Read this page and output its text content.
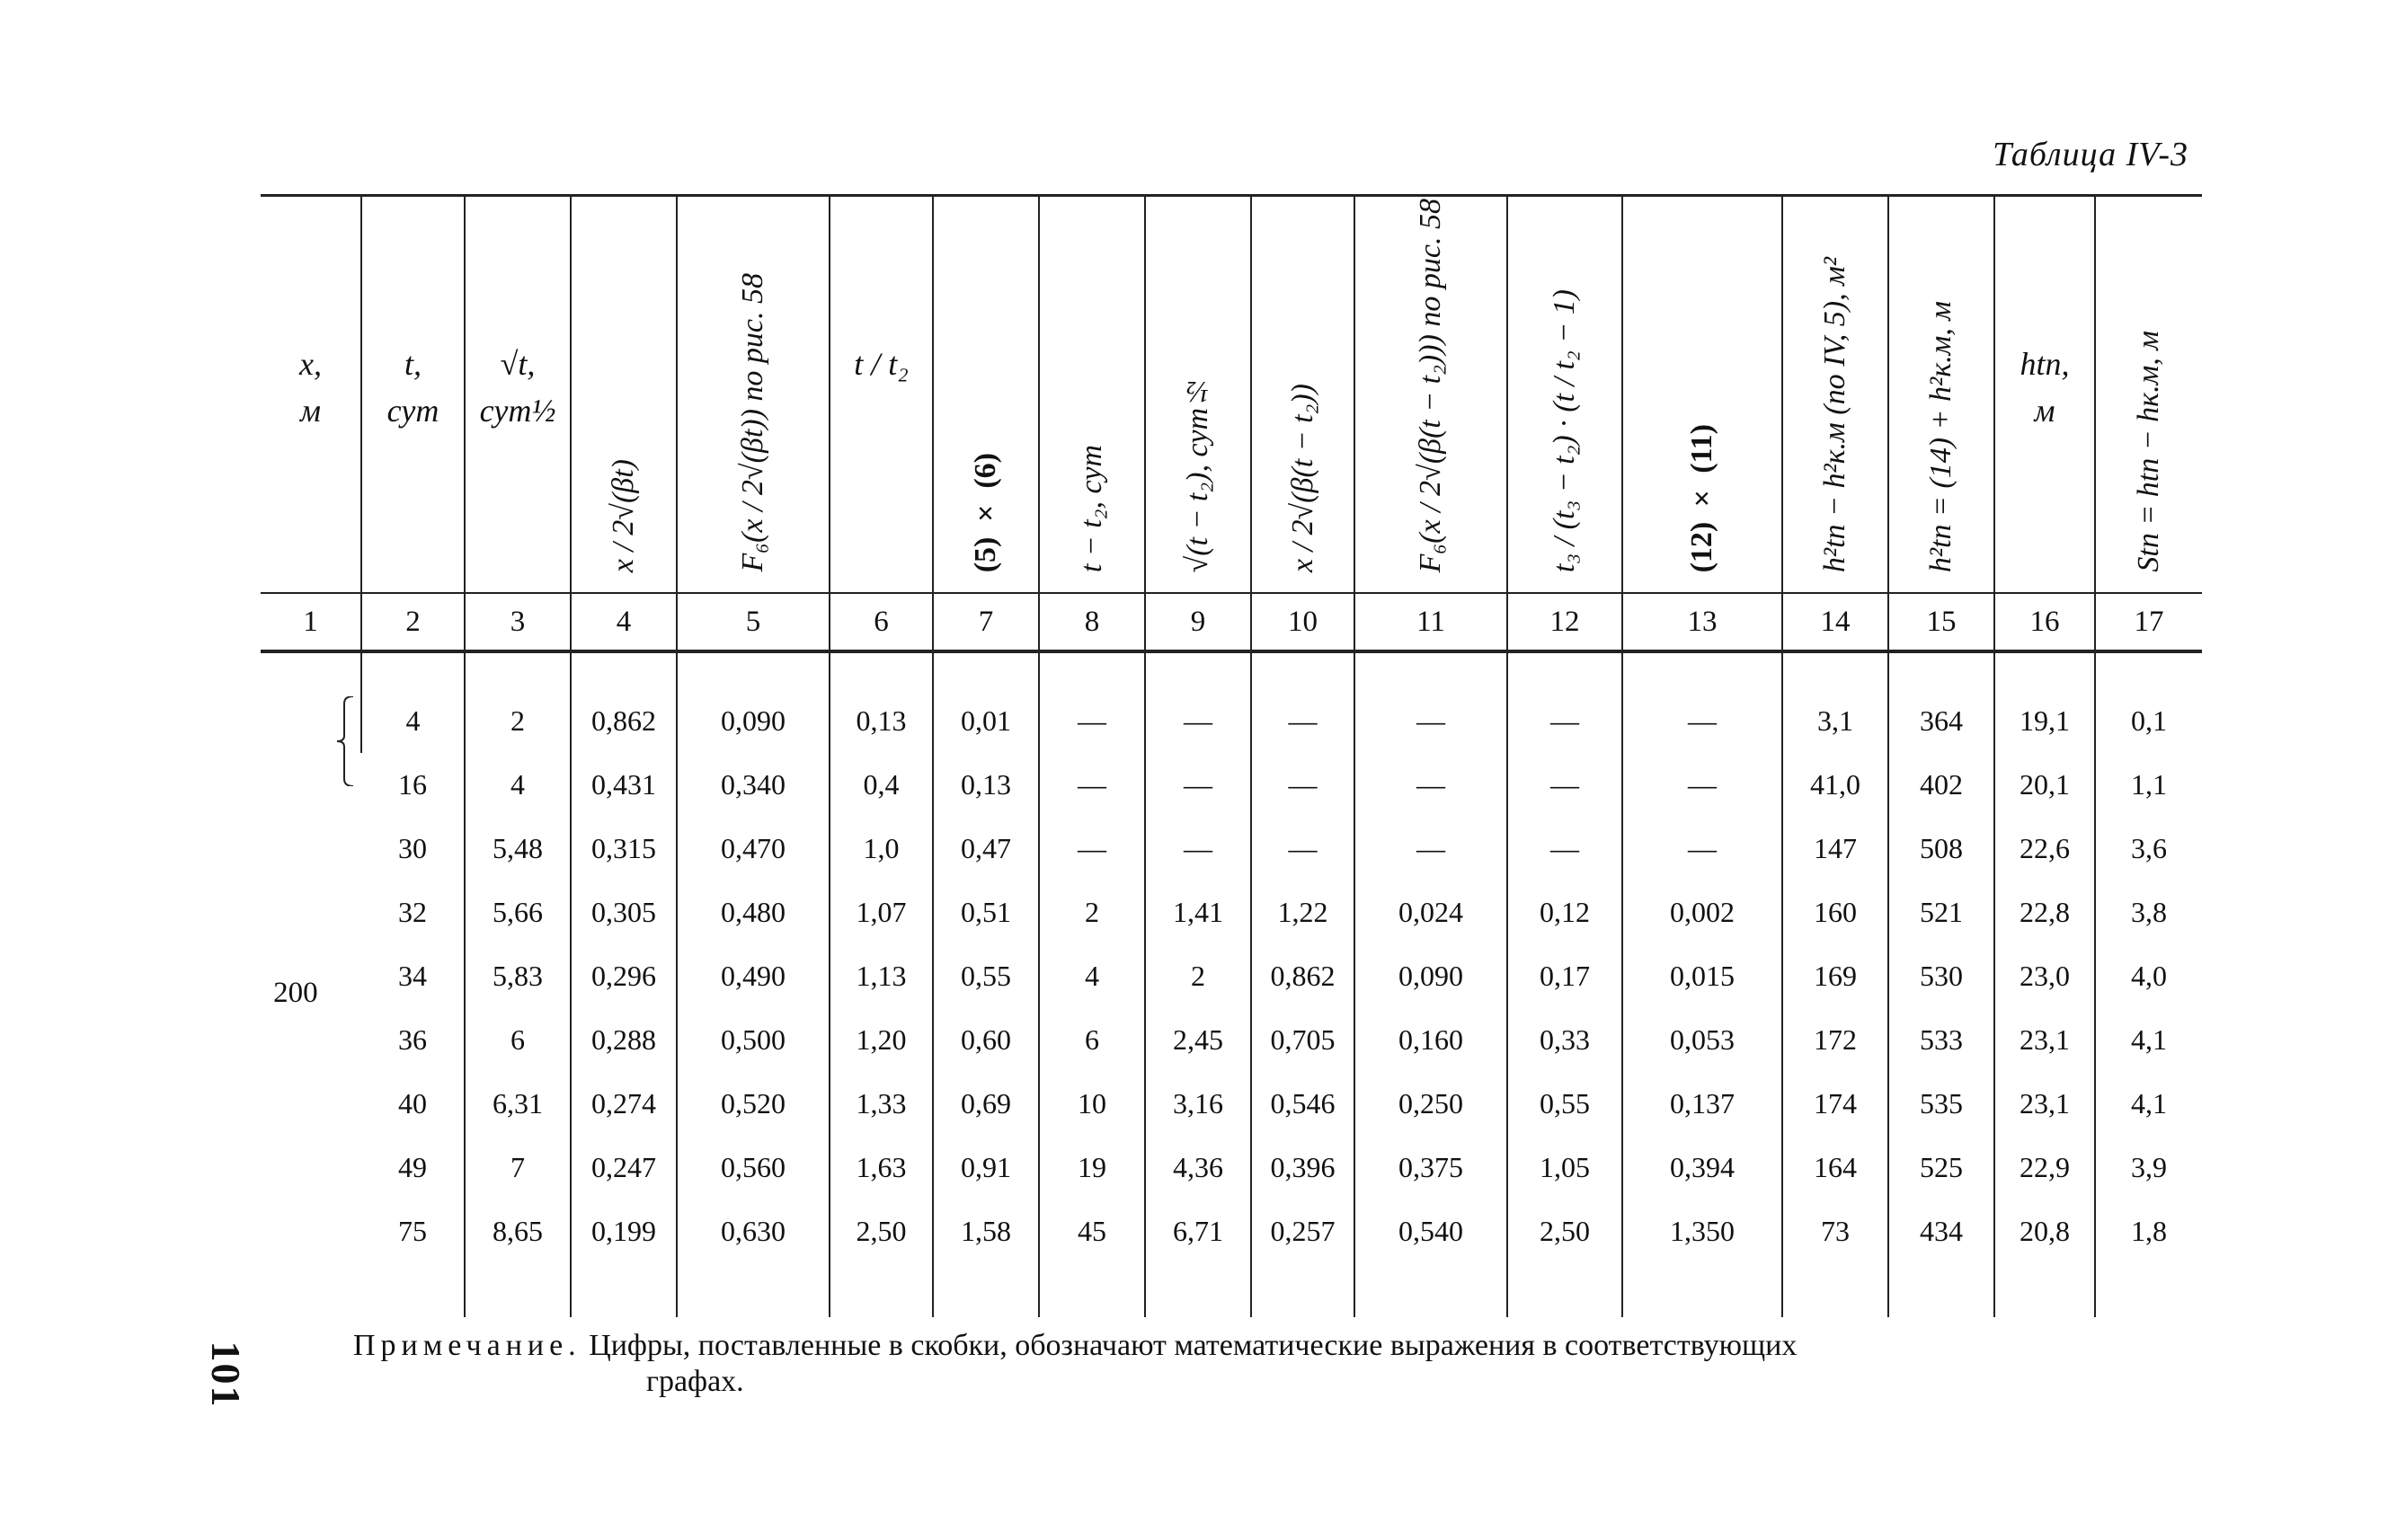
101
Таблица IV-3
x,
м	t,
сут	√t,
сут½	x / 2√(βt)	F₆(x / 2√(βt)) по рис. 58	t / t₂	(5) × (6)	t − t₂, сут	√(t − t₂), сут½	x / 2√(β(t − t₂))	F₆(x / 2√(β(t − t₂))) по рис. 58	t₃ / (t₃ − t₂) · (t / t₂ − 1)	(12) × (11)	h²tп − h²к.м (по IV, 5), м²	h²tп = (14) + h²к.м, м	htп,
м	Stп = htп − hк.м, м

1	2	3	4	5	6	7	8	9	10	11	12	13	14	15	16	17

200	4	2	0,862	0,090	0,13	0,01	—	—	—	—	—	—	3,1	364	19,1	0,1
	16	4	0,431	0,340	0,4	0,13	—	—	—	—	—	—	41,0	402	20,1	1,1
	30	5,48	0,315	0,470	1,0	0,47	—	—	—	—	—	—	147	508	22,6	3,6
	32	5,66	0,305	0,480	1,07	0,51	2	1,41	1,22	0,024	0,12	0,002	160	521	22,8	3,8
	34	5,83	0,296	0,490	1,13	0,55	4	2	0,862	0,090	0,17	0,015	169	530	23,0	4,0
	36	6	0,288	0,500	1,20	0,60	6	2,45	0,705	0,160	0,33	0,053	172	533	23,1	4,1
	40	6,31	0,274	0,520	1,33	0,69	10	3,16	0,546	0,250	0,55	0,137	174	535	23,1	4,1
	49	7	0,247	0,560	1,63	0,91	19	4,36	0,396	0,375	1,05	0,394	164	525	22,9	3,9
	75	8,65	0,199	0,630	2,50	1,58	45	6,71	0,257	0,540	2,50	1,350	73	434	20,8	1,8

Примечание. Цифры, поставленные в скобки, обозначают математические выражения в соответствующих
графах.
